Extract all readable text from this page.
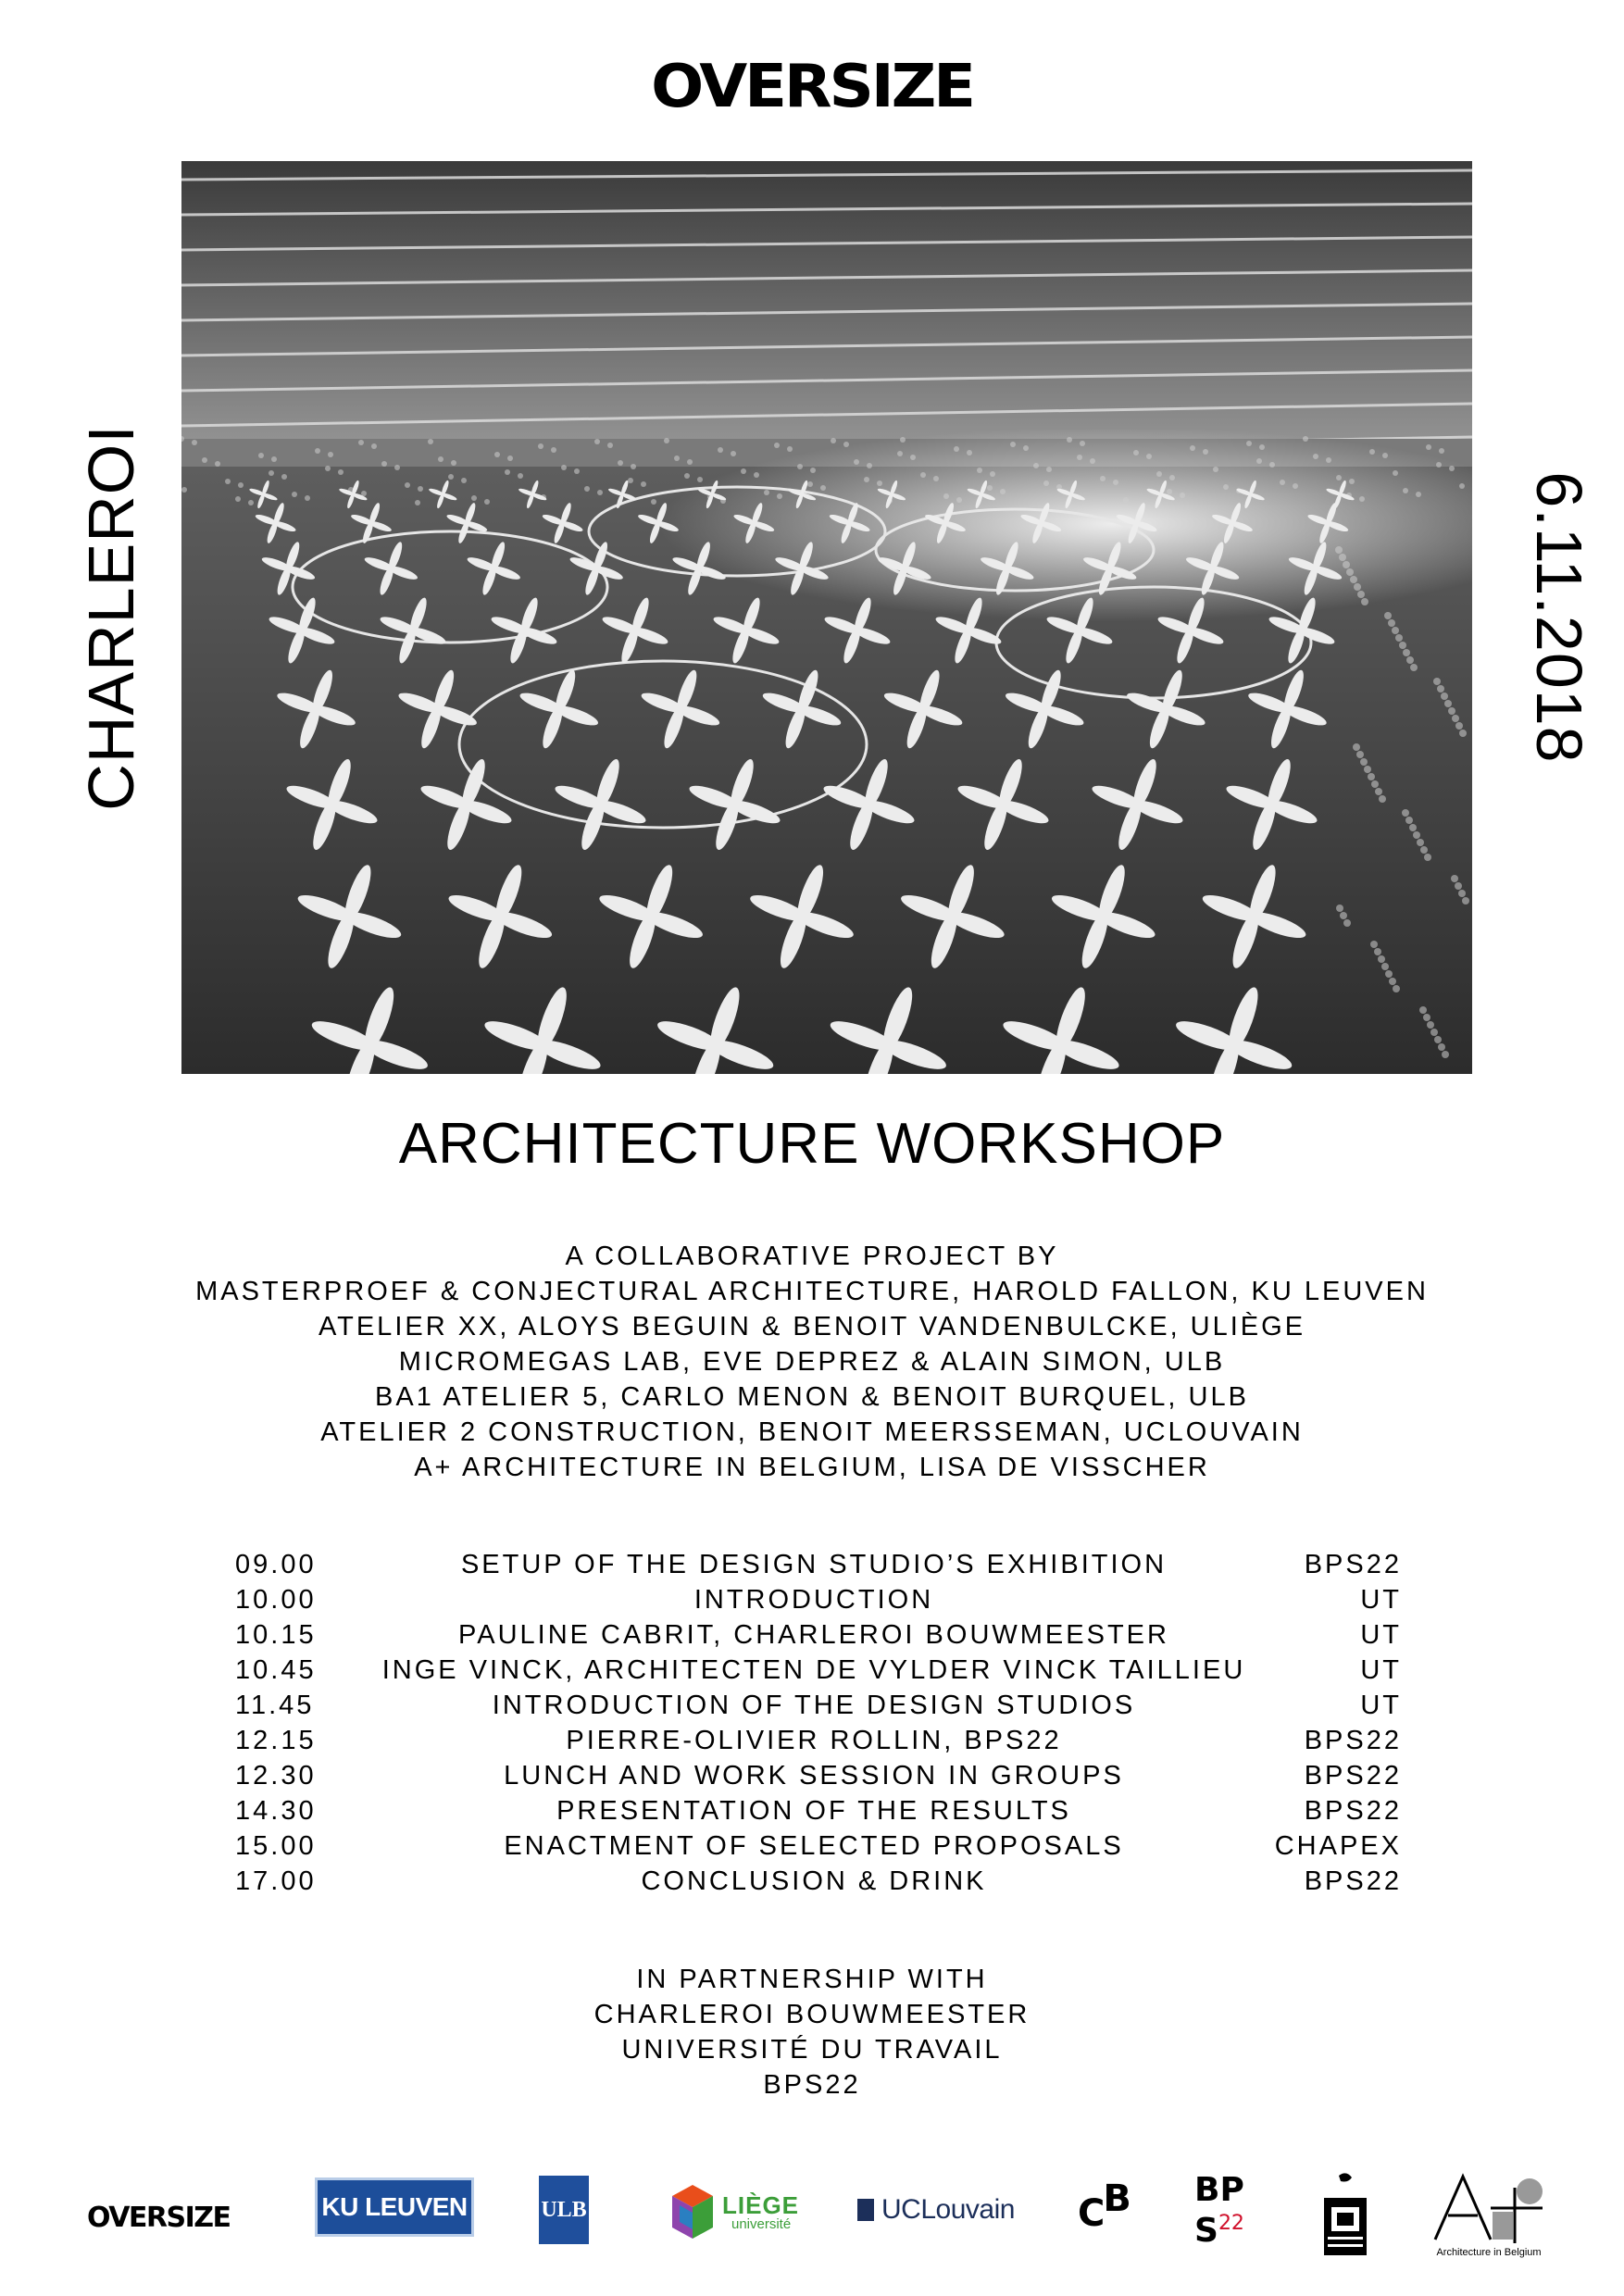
OVERSIZE
CHARLEROI	6.11.2018
ARCHITECTURE WORKSHOP
A COLLABORATIVE PROJECT BY
MASTERPROEF & CONJECTURAL ARCHITECTURE, HAROLD FALLON, KU LEUVEN
ATELIER XX, ALOYS BEGUIN & BENOIT VANDENBULCKE, ULIÈGE
MICROMEGAS LAB, EVE DEPREZ & ALAIN SIMON, ULB
BA1 ATELIER 5, CARLO MENON & BENOIT BURQUEL, ULB
ATELIER 2 CONSTRUCTION, BENOIT MEERSSEMAN, UCLOUVAIN
A+ ARCHITECTURE IN BELGIUM, LISA DE VISSCHER
09.00	SETUP OF THE DESIGN STUDIO’S EXHIBITION	BPS22
10.00	INTRODUCTION	UT
10.15	PAULINE CABRIT, CHARLEROI BOUWMEESTER	UT
10.45	INGE VINCK, ARCHITECTEN DE VYLDER VINCK TAILLIEU	UT
11.45	INTRODUCTION OF THE DESIGN STUDIOS	UT
12.15	PIERRE-OLIVIER ROLLIN, BPS22	BPS22
12.30	LUNCH AND WORK SESSION IN GROUPS	BPS22
14.30	PRESENTATION OF THE RESULTS	BPS22
15.00	ENACTMENT OF SELECTED PROPOSALS	CHAPEX
17.00	CONCLUSION & DRINK	BPS22
IN PARTNERSHIP WITH
CHARLEROI BOUWMEESTER
UNIVERSITÉ DU TRAVAIL
BPS22
OVERSIZE	KU LEUVEN	ULB	LIÈGE
université	UCLouvain C B BP
$S_{22}$
Architecture in Belgium
